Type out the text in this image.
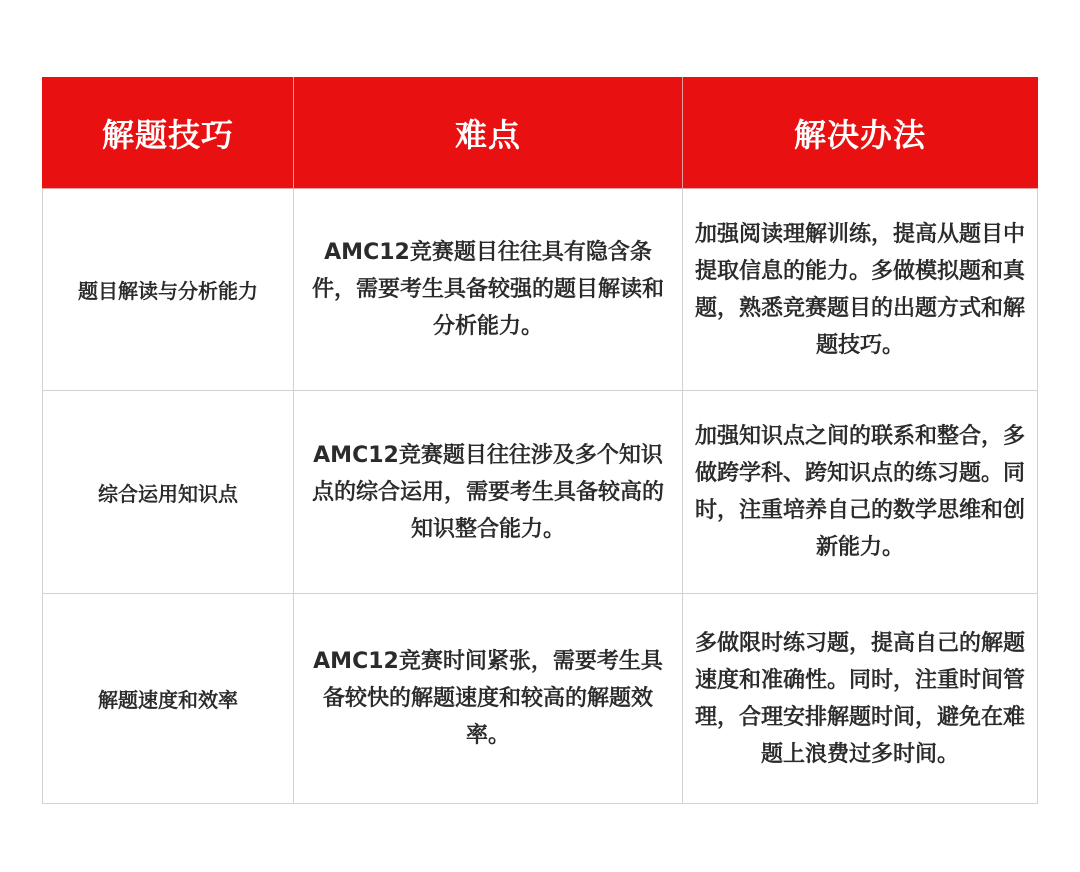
解题技巧	难点	解决办法
题目解读与分析能力	AMC12竞赛题目往往具有隐含条件，需要考生具备较强的题目解读和分析能力。	加强阅读理解训练，提高从题目中提取信息的能力。多做模拟题和真题，熟悉竞赛题目的出题方式和解题技巧。
综合运用知识点	AMC12竞赛题目往往涉及多个知识点的综合运用，需要考生具备较高的知识整合能力。	加强知识点之间的联系和整合，多做跨学科、跨知识点的练习题。同时，注重培养自己的数学思维和创新能力。
解题速度和效率	AMC12竞赛时间紧张，需要考生具备较快的解题速度和较高的解题效率。	多做限时练习题，提高自己的解题速度和准确性。同时，注重时间管理，合理安排解题时间，避免在难题上浪费过多时间。
